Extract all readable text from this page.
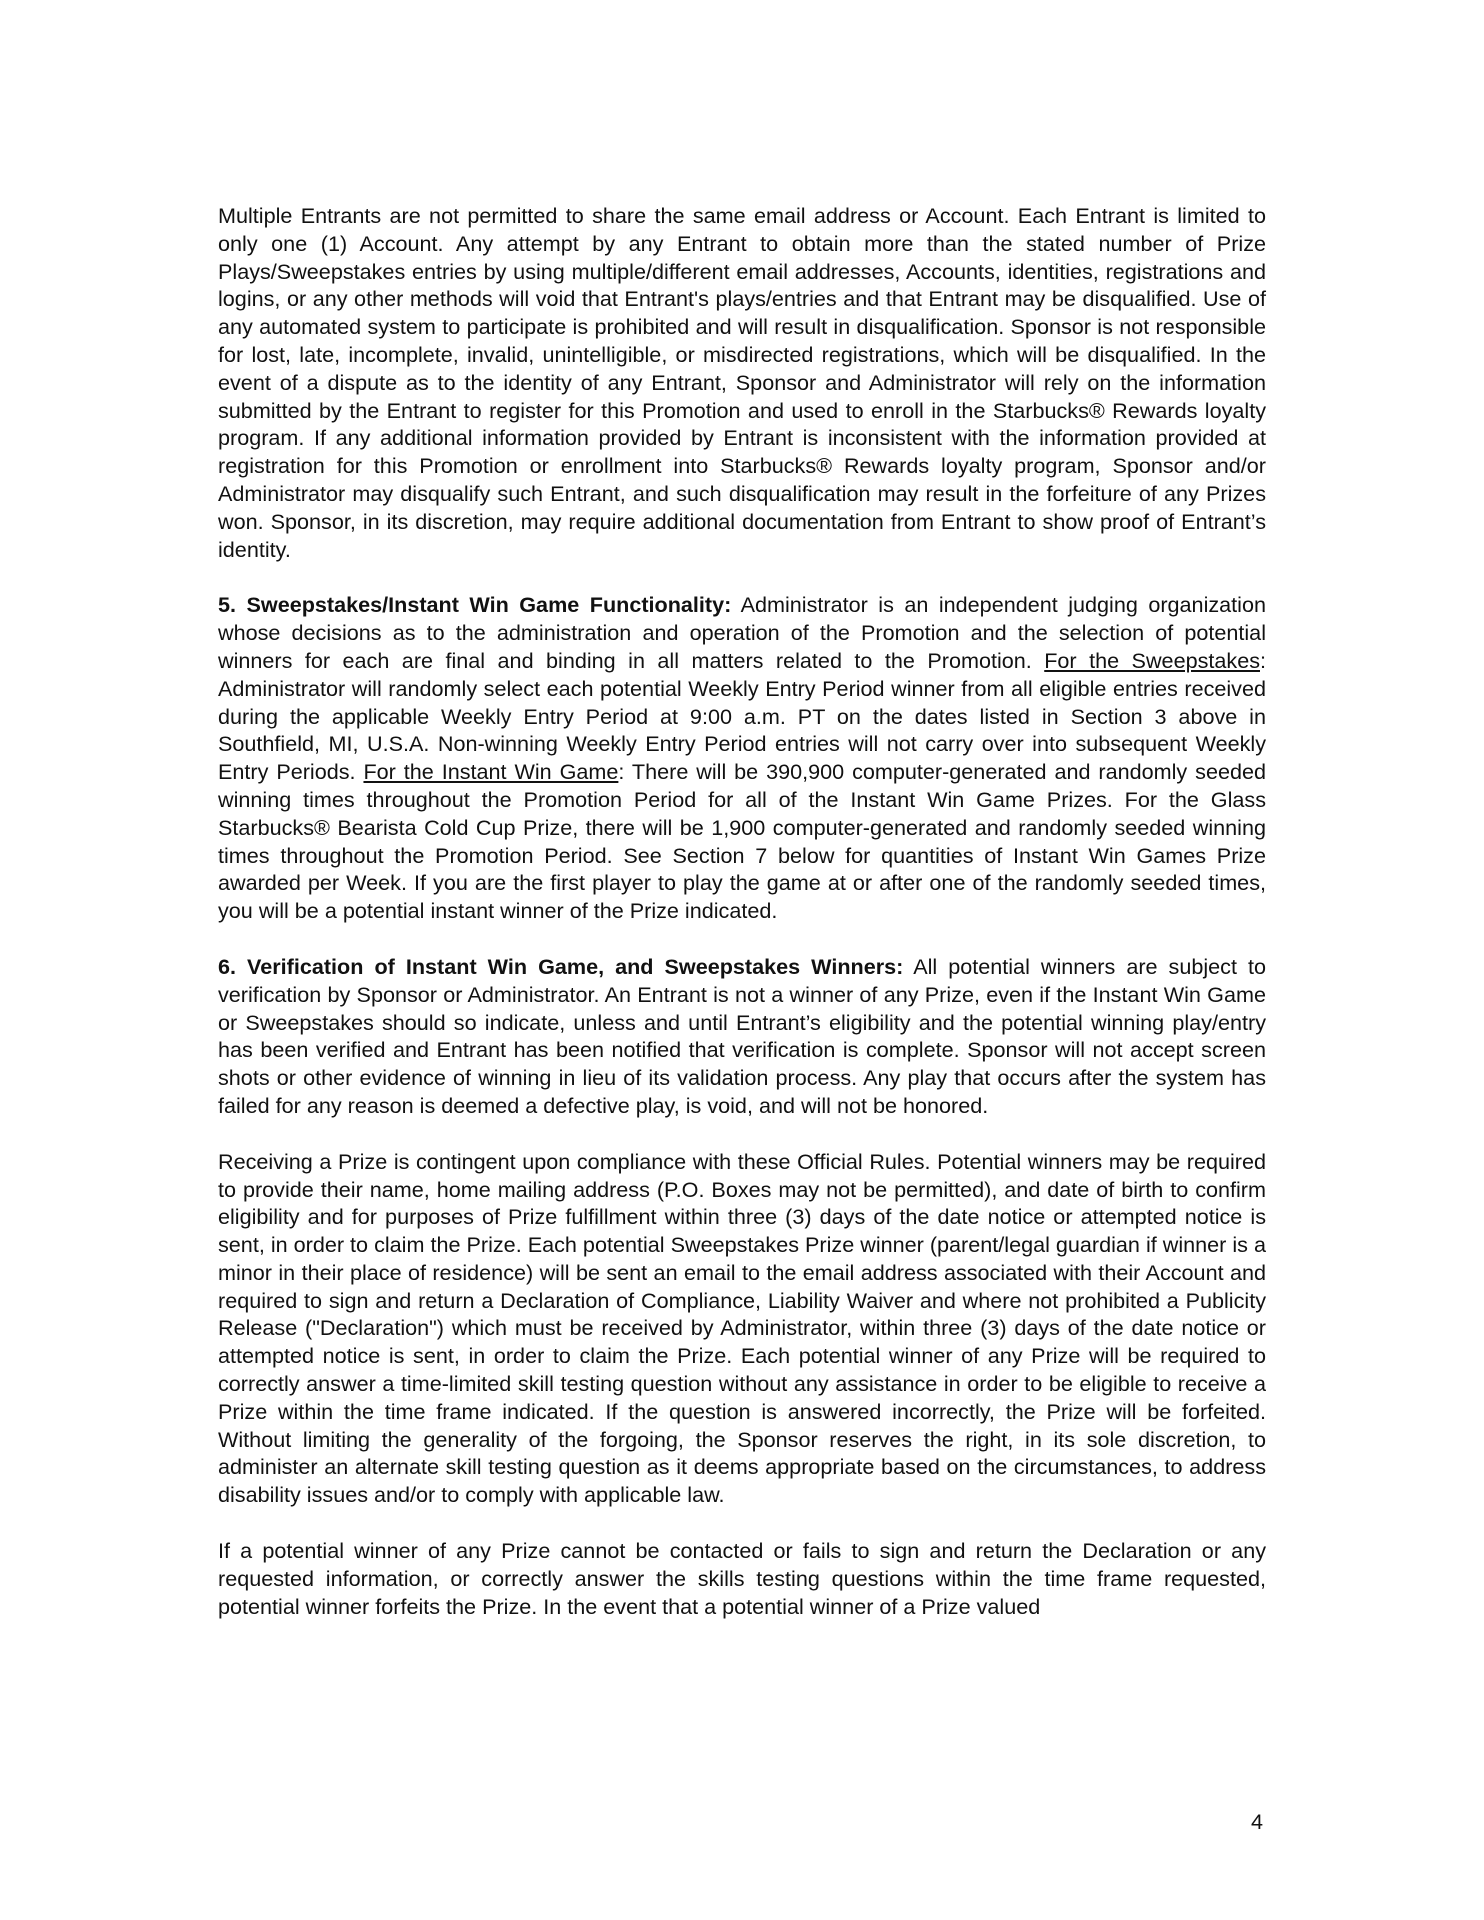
Multiple Entrants are not permitted to share the same email address or Account. Each Entrant is limited to only one (1) Account. Any attempt by any Entrant to obtain more than the stated number of Prize Plays/Sweepstakes entries by using multiple/different email addresses, Accounts, identities, registrations and logins, or any other methods will void that Entrant's plays/entries and that Entrant may be disqualified. Use of any automated system to participate is prohibited and will result in disqualification. Sponsor is not responsible for lost, late, incomplete, invalid, unintelligible, or misdirected registrations, which will be disqualified. In the event of a dispute as to the identity of any Entrant, Sponsor and Administrator will rely on the information submitted by the Entrant to register for this Promotion and used to enroll in the Starbucks® Rewards loyalty program. If any additional information provided by Entrant is inconsistent with the information provided at registration for this Promotion or enrollment into Starbucks® Rewards loyalty program, Sponsor and/or Administrator may disqualify such Entrant, and such disqualification may result in the forfeiture of any Prizes won. Sponsor, in its discretion, may require additional documentation from Entrant to show proof of Entrant’s identity.

5. Sweepstakes/Instant Win Game Functionality: Administrator is an independent judging organization whose decisions as to the administration and operation of the Promotion and the selection of potential winners for each are final and binding in all matters related to the Promotion. For the Sweepstakes: Administrator will randomly select each potential Weekly Entry Period winner from all eligible entries received during the applicable Weekly Entry Period at 9:00 a.m. PT on the dates listed in Section 3 above in Southfield, MI, U.S.A. Non-winning Weekly Entry Period entries will not carry over into subsequent Weekly Entry Periods. For the Instant Win Game: There will be 390,900 computer-generated and randomly seeded winning times throughout the Promotion Period for all of the Instant Win Game Prizes. For the Glass Starbucks® Bearista Cold Cup Prize, there will be 1,900 computer-generated and randomly seeded winning times throughout the Promotion Period. See Section 7 below for quantities of Instant Win Games Prize awarded per Week. If you are the first player to play the game at or after one of the randomly seeded times, you will be a potential instant winner of the Prize indicated.

6. Verification of Instant Win Game, and Sweepstakes Winners: All potential winners are subject to verification by Sponsor or Administrator. An Entrant is not a winner of any Prize, even if the Instant Win Game or Sweepstakes should so indicate, unless and until Entrant’s eligibility and the potential winning play/entry has been verified and Entrant has been notified that verification is complete. Sponsor will not accept screen shots or other evidence of winning in lieu of its validation process. Any play that occurs after the system has failed for any reason is deemed a defective play, is void, and will not be honored.

Receiving a Prize is contingent upon compliance with these Official Rules. Potential winners may be required to provide their name, home mailing address (P.O. Boxes may not be permitted), and date of birth to confirm eligibility and for purposes of Prize fulfillment within three (3) days of the date notice or attempted notice is sent, in order to claim the Prize. Each potential Sweepstakes Prize winner (parent/legal guardian if winner is a minor in their place of residence) will be sent an email to the email address associated with their Account and required to sign and return a Declaration of Compliance, Liability Waiver and where not prohibited a Publicity Release ("Declaration") which must be received by Administrator, within three (3) days of the date notice or attempted notice is sent, in order to claim the Prize. Each potential winner of any Prize will be required to correctly answer a time-limited skill testing question without any assistance in order to be eligible to receive a Prize within the time frame indicated. If the question is answered incorrectly, the Prize will be forfeited. Without limiting the generality of the forgoing, the Sponsor reserves the right, in its sole discretion, to administer an alternate skill testing question as it deems appropriate based on the circumstances, to address disability issues and/or to comply with applicable law.

If a potential winner of any Prize cannot be contacted or fails to sign and return the Declaration or any requested information, or correctly answer the skills testing questions within the time frame requested, potential winner forfeits the Prize. In the event that a potential winner of a Prize valued

4
